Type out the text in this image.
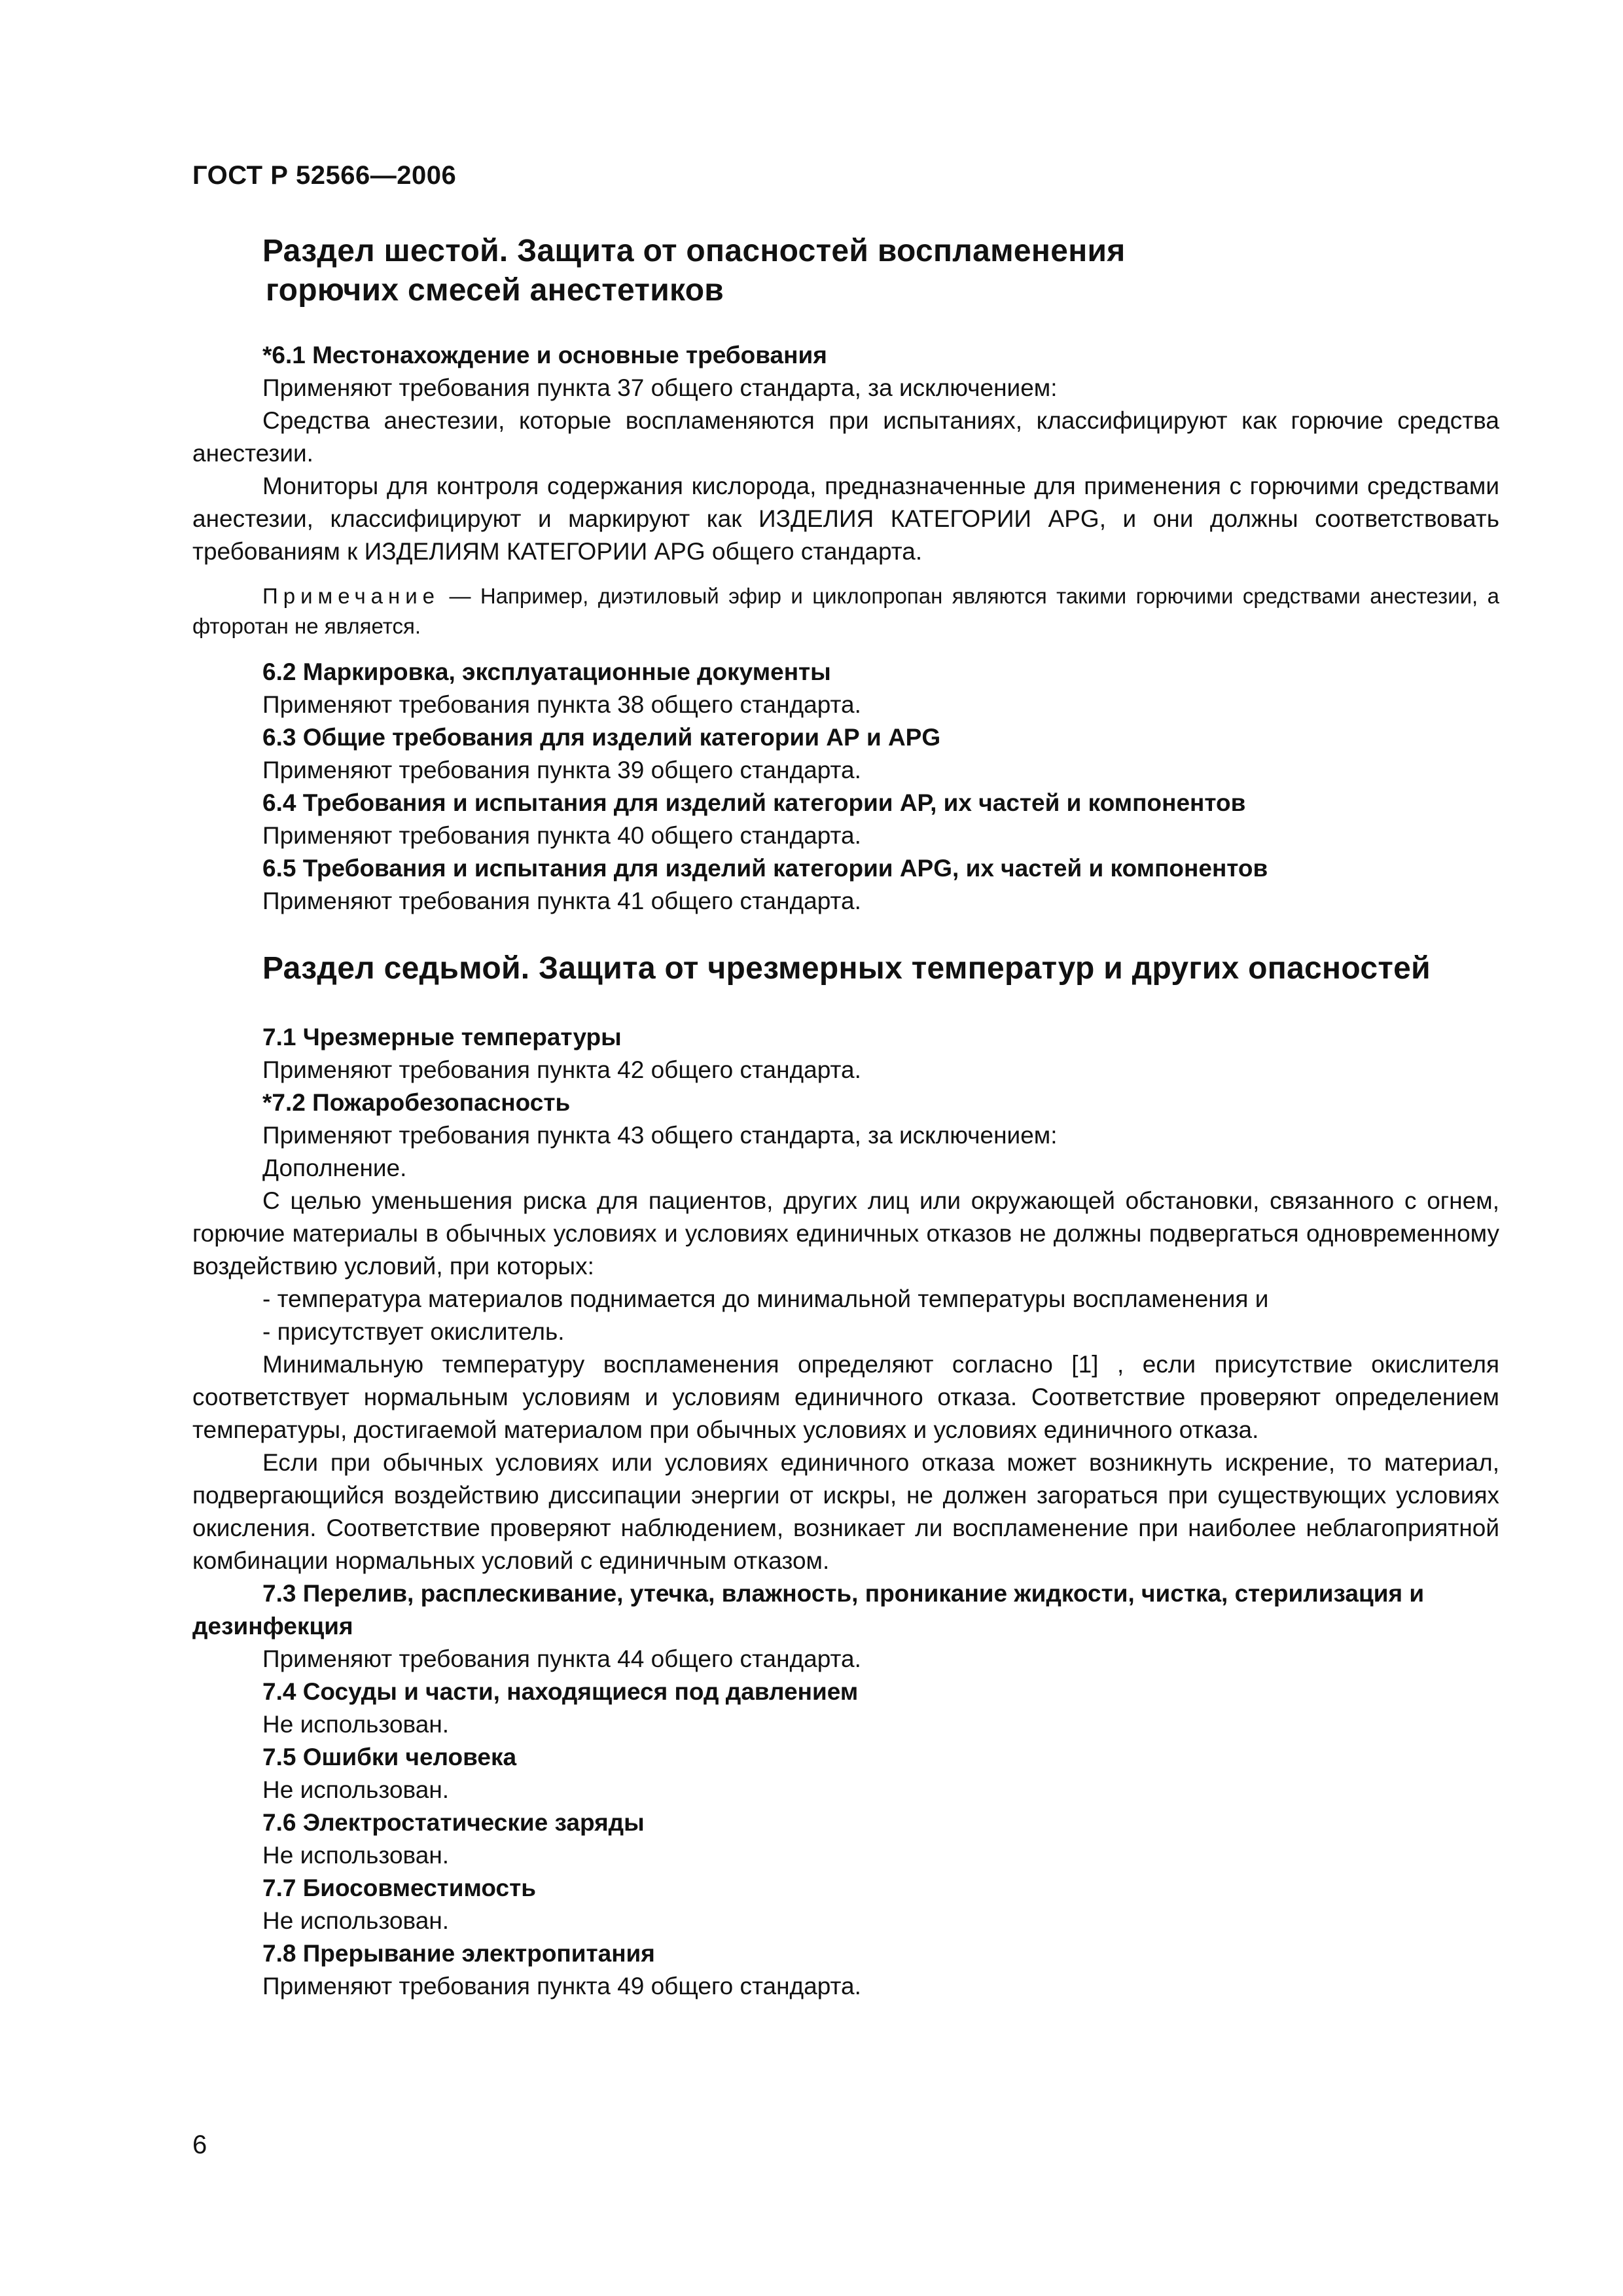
ГОСТ Р 52566—2006

Раздел шестой. Защита от опасностей воспламенения

горючих смесей анестетиков

*6.1 Местонахождение и основные требования

Применяют требования пункта 37 общего стандарта, за исключением:

Средства анестезии, которые воспламеняются при испытаниях, классифицируют как горючие средства анестезии.

Мониторы для контроля содержания кислорода, предназначенные для применения с горючими средствами анестезии, классифицируют и маркируют как ИЗДЕЛИЯ КАТЕГОРИИ APG, и они должны соответствовать требованиям к ИЗДЕЛИЯМ КАТЕГОРИИ APG общего стандарта.

Примечание — Например, диэтиловый эфир и циклопропан являются такими горючими средствами анестезии, а фторотан не является.

6.2 Маркировка, эксплуатационные документы

Применяют требования пункта 38 общего стандарта.

6.3 Общие требования для изделий категории АР и APG

Применяют требования пункта 39 общего стандарта.

6.4 Требования и испытания для изделий категории АР, их частей и компонентов

Применяют требования пункта 40 общего стандарта.

6.5 Требования и испытания для изделий категории APG, их частей и компонентов

Применяют требования пункта 41 общего стандарта.

Раздел седьмой. Защита от чрезмерных температур и других опасностей

7.1 Чрезмерные температуры

Применяют требования пункта 42 общего стандарта.

*7.2 Пожаробезопасность

Применяют требования пункта 43 общего стандарта, за исключением:

Дополнение.

С целью уменьшения риска для пациентов, других лиц или окружающей обстановки, связанного с огнем, горючие материалы в обычных условиях и условиях единичных отказов не должны подвергаться одновременному воздействию условий, при которых:

- температура материалов поднимается до минимальной температуры воспламенения и

- присутствует окислитель.

Минимальную температуру воспламенения определяют согласно [1] , если присутствие окислителя соответствует нормальным условиям и условиям единичного отказа. Соответствие проверяют определением температуры, достигаемой материалом при обычных условиях и условиях единичного отказа.

Если при обычных условиях или условиях единичного отказа может возникнуть искрение, то материал, подвергающийся воздействию диссипации энергии от искры, не должен загораться при существующих условиях окисления. Соответствие проверяют наблюдением, возникает ли воспламенение при наиболее неблагоприятной комбинации нормальных условий с единичным отказом.

7.3 Перелив, расплескивание, утечка, влажность, проникание жидкости, чистка, стерилизация и дезинфекция

Применяют требования пункта 44 общего стандарта.

7.4 Сосуды и части, находящиеся под давлением

Не использован.

7.5 Ошибки человека

Не использован.

7.6 Электростатические заряды

Не использован.

7.7 Биосовместимость

Не использован.

7.8 Прерывание электропитания

Применяют требования пункта 49 общего стандарта.

6
